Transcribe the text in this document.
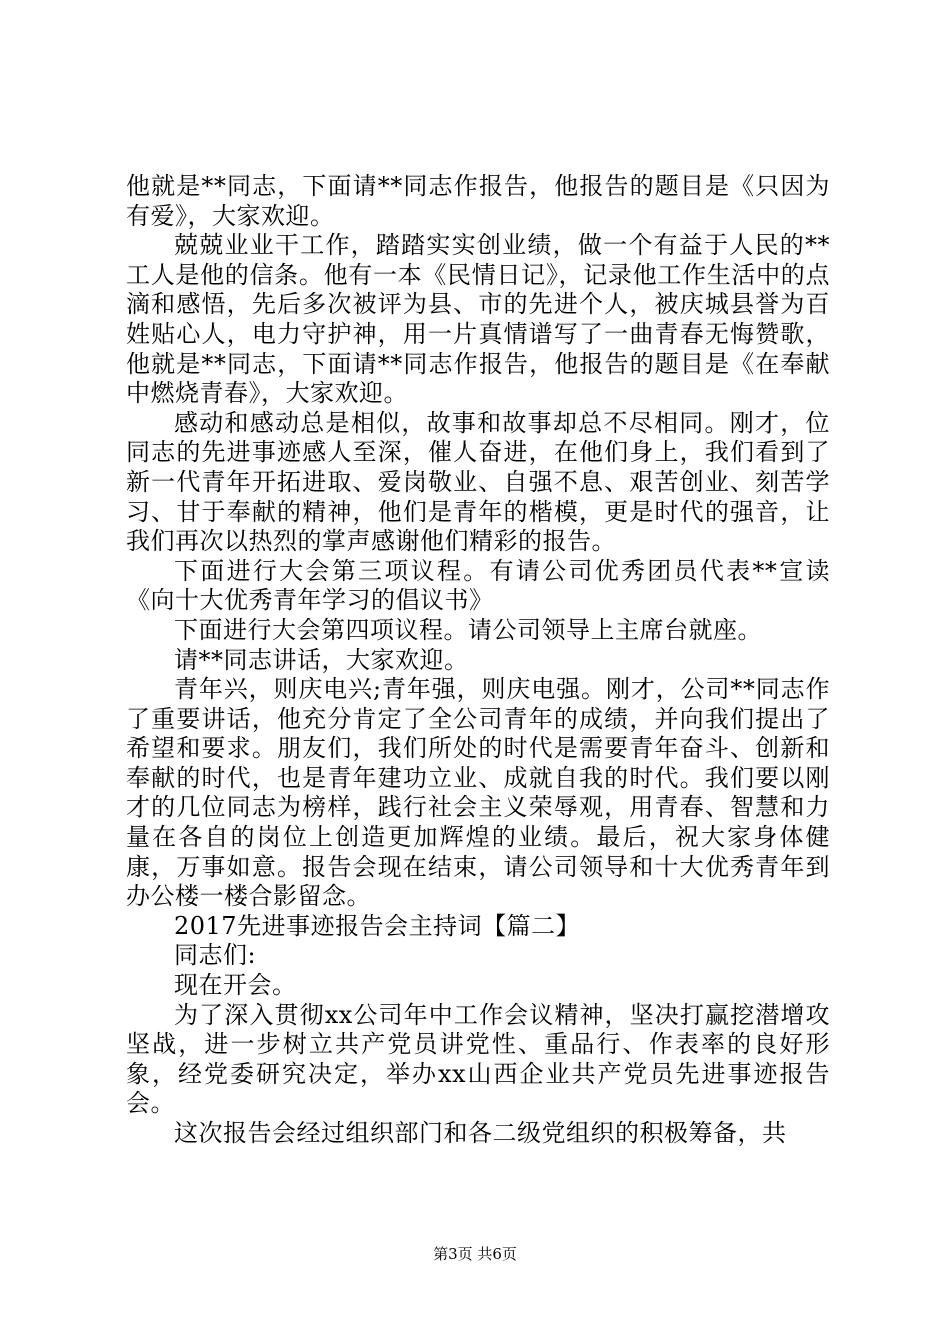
他就是**同志，下面请**同志作报告，他报告的题目是《只因为有爱》，大家欢迎。

兢兢业业干工作，踏踏实实创业绩，做一个有益于人民的**工人是他的信条。他有一本《民情日记》，记录他工作生活中的点滴和感悟，先后多次被评为县、市的先进个人，被庆城县誉为百姓贴心人，电力守护神，用一片真情谱写了一曲青春无悔赞歌，他就是**同志，下面请**同志作报告，他报告的题目是《在奉献中燃烧青春》，大家欢迎。

感动和感动总是相似，故事和故事却总不尽相同。刚才，位同志的先进事迹感人至深，催人奋进，在他们身上，我们看到了新一代青年开拓进取、爱岗敬业、自强不息、艰苦创业、刻苦学习、甘于奉献的精神，他们是青年的楷模，更是时代的强音，让我们再次以热烈的掌声感谢他们精彩的报告。

下面进行大会第三项议程。有请公司优秀团员代表**宣读《向十大优秀青年学习的倡议书》

下面进行大会第四项议程。请公司领导上主席台就座。

请**同志讲话，大家欢迎。

青年兴，则庆电兴;青年强，则庆电强。刚才，公司**同志作了重要讲话，他充分肯定了全公司青年的成绩，并向我们提出了希望和要求。朋友们，我们所处的时代是需要青年奋斗、创新和奉献的时代，也是青年建功立业、成就自我的时代。我们要以刚才的几位同志为榜样，践行社会主义荣辱观，用青春、智慧和力量在各自的岗位上创造更加辉煌的业绩。最后，祝大家身体健康，万事如意。报告会现在结束，请公司领导和十大优秀青年到办公楼一楼合影留念。

2017先进事迹报告会主持词【篇二】

同志们:

现在开会。

为了深入贯彻xx公司年中工作会议精神，坚决打赢挖潜增攻坚战，进一步树立共产党员讲党性、重品行、作表率的良好形象，经党委研究决定，举办xx山西企业共产党员先进事迹报告会。

这次报告会经过组织部门和各二级党组织的积极筹备，共

第3页 共6页
